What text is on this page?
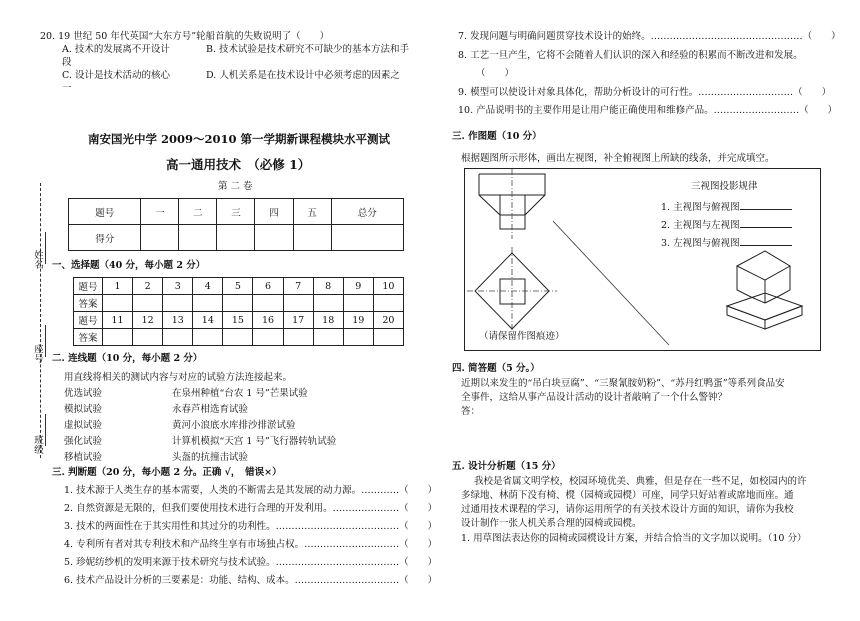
20. 19 世纪 50 年代英国“大东方号”轮船首航的失败说明了（　　）
A. 技术的发展离不开设计	B. 技术试验是技术研究不可缺少的基本方法和手
段
C. 设计是技术活动的核心	D. 人机关系是在技术设计中必须考虑的因素之
一
南安国光中学 2009～2010 第一学期新课程模块水平测试
高一通用技术　（必修 1）
第 二 卷
姓名
座号
班级
题号	一	二	三	四	五	总分
得分						
一、选择题（40 分，每小题 2 分）
题号	1	2	3	4	5	6	7	8	9	10
答案										
题号	11	12	13	14	15	16	17	18	19	20
答案										
二. 连线题（10 分，每小题 2 分）
用直线将相关的测试内容与对应的试验方法连接起来。
优选试验
模拟试验
虚拟试验
强化试验
移植试验
在泉州种植“台农 1 号”芒果试验
永春芦柑选育试验
黄河小浪底水库排沙排淤试验
计算机模拟“天宫 1 号”飞行器转轨试验
头盔的抗撞击试验
三. 判断题（20 分，每小题 2 分。正确 √，　错误×）
1. 技术源于人类生存的基本需要，人类的不断需去是其发展的动力源。…………（　　）
2. 自然资源是无限的，但我们要使用技术进行合理的开发利用。…………………（　　）
3. 技术的两面性在于其实用性和其过分的功利性。…………………………………（　　）
4. 专利所有者对其专利技术和产品终生享有市场独占权。…………………………（　　）
5. 珍妮纺纱机的发明来源于技术研究与技术试验。…………………………………（　　）
6. 技术产品设计分析的三要素是：功能、结构、成本。……………………………（　　）
7. 发现问题与明确问题贯穿技术设计的始终。…………………………………………（　　）
8. 工艺一旦产生，它将不会随着人们认识的深入和经验的积累而不断改进和发展。
（　　）
9. 模型可以使设计对象具体化，帮助分析设计的可行性。…………………………（　　）
10. 产品说明书的主要作用是让用户能正确使用和维修产品。………………………（　　）
三. 作图题（10 分）
根据题图所示形体，画出左视图，补全俯视图上所缺的线条，并完成填空。
三视图投影规律
1. 主视图与俯视图
2. 主视图与左视图
3. 左视图与俯视图
（请保留作图痕迹）
四. 简答题（5 分。）
近期以来发生的“吊白块豆腐”、“三聚氰胺奶粉”、“苏丹红鸭蛋”等系列食品安
全事件，这给从事产品设计活动的设计者敲响了一个什么警钟？
答：
五. 设计分析题（15 分）
我校是省属文明学校，校园环境优美、典雅，但是存在一些不足，如校园内的许
多绿地、林荫下没有椅、櫈（园椅或园櫈）可座，同学只好站着或席地而座。通
过通用技术课程的学习，请你运用所学的有关技术设计方面的知识，请你为我校
设计制作一张人机关系合理的园椅或园櫈。
1. 用草图法表达你的园椅或园櫈设计方案，并结合恰当的文字加以说明。（10 分）
